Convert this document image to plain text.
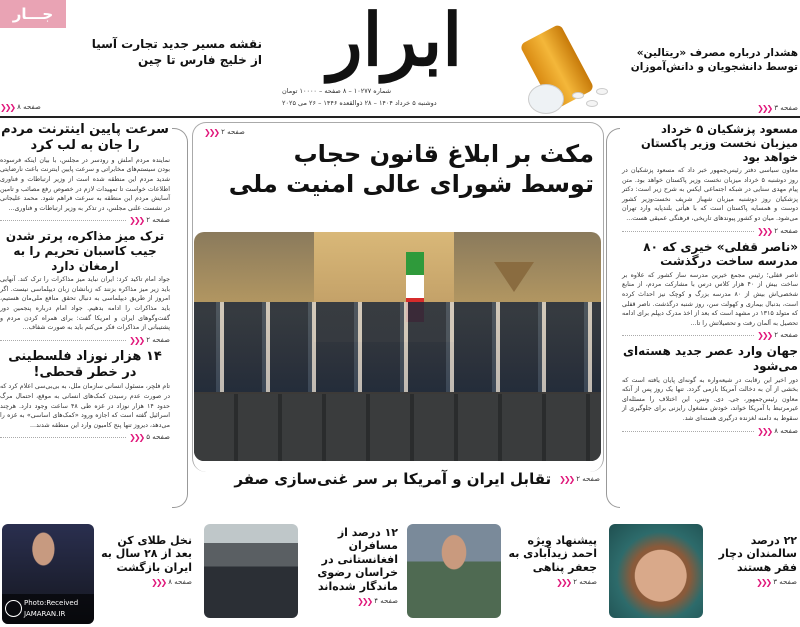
جـــار
نقشه مسیر جدید تجارت آسیا
از خلیج فارس تا چین
صفحه ۸
❮❮❮
ابرار
شماره ۱۰۲۷۷ – ۸ صفحه – ۱۰۰۰۰ تومان
دوشنبه ۵ خرداد ۱۴۰۴ – ۲۸ ذوالقعده ۱۴۴۶ – ۲۶ می ۲۰۲۵
هشدار درباره مصرف «ریتالین»
توسط دانشجویان و دانش‌آموزان
صفحه ۳
❮❮❮
سرعت پایین اینترنت مردم را جان به لب کرد
نماینده مردم املش و رودسر در مجلس، با بیان اینکه فرسوده بودن سیستم‌های مخابراتی و سرعت پایین اینترنت باعث نارضایتی شدید مردم این منطقه شده است از وزیر ارتباطات و فناوری اطلاعات خواست تا تمهیدات لازم در خصوص رفع مصائب و تامین آسایش مردم این منطقه به سرعت فراهم شود. محمد علیجانی در نشست علنی مجلس، در تذکر به وزیر ارتباطات و فناوری...
صفحه ۲
❮❮❮
ترک میز مذاکره، پرتر شدن جیب کاسبان تحریم را به ارمغان دارد
جواد امام تاکید کرد: ایران نباید میز مذاکرات را ترک کند. آنهایی باید زیر میز مذاکره بزنند که زبانشان زبان دیپلماسی نیست. اگر امروز از طریق دیپلماسی به دنبال تحقق منافع ملی‌مان هستیم، باید مذاکرات را ادامه بدهیم. جواد امام درباره پنجمین دور گفت‌وگوهای ایران و امریکا گفت: برای همراه کردن مردم و پشتیبانی از مذاکرات فکر می‌کنم باید به صورت شفاف...
صفحه ۲
❮❮❮
۱۴ هزار نوزاد فلسطینی در خطر قحطی!
تام فلچر، مسئول انسانی سازمان ملل، به بی‌بی‌سی اعلام کرد که در صورت عدم رسیدن کمک‌های انسانی به موقع، احتمال مرگ حدود ۱۴ هزار نوزاد در غزه طی ۴۸ ساعت وجود دارد. هرچند اسرائیل گفته است که اجازه ورود «کمک‌های اساسی» به غزه را می‌دهد، دیروز تنها پنج کامیون وارد این منطقه شدند...
صفحه ۵
❮❮❮
صفحه ۲
❮❮❮
مکث بر ابلاغ قانون حجاب
توسط شورای عالی امنیت ملی
تقابل ایران و آمریکا بر سر غنی‌سازی صفر	صفحه ۲
❮❮❮
مسعود پزشکیان ۵ خرداد میزبان نخست وزیر پاکستان خواهد بود
معاون سیاسی دفتر رئیس‌جمهور خبر داد که مسعود پزشکیان در روز دوشنبه ۵ خرداد میزبان نخست وزیر پاکستان خواهد بود. متن پیام مهدی سنایی در شبکه اجتماعی ایکس به شرح زیر است: دکتر پزشکیان روز دوشنبه میزبان شهباز شریف نخست‌وزیر کشور دوست و همسایه پاکستان است که با هیأتی بلندپایه وارد تهران می‌شود. میان دو کشور پیوندهای تاریخی، فرهنگی عمیقی هست...
صفحه ۲
❮❮❮
«ناصر قفلی» خیری که ۸۰ مدرسه ساخت درگذشت
ناصر قفلی؛ رئیس مجمع خیرین مدرسه ساز کشور که علاوه بر ساخت بیش از ۴۰ هزار کلاس درس با مشارکت مردم، از منابع شخصی‌اش بیش از ۸۰ مدرسه بزرگ و کوچک نیز احداث کرده است، بدنبال بیماری و کهولت سن، روز شنبه درگذشت. ناصر قفلی که متولد ۱۳۱۵ در مشهد است که بعد از اخذ مدرک دیپلم برای ادامه تحصیل به آلمان رفت و تحصیلاتش را تا...
صفحه ۲
❮❮❮
جهان وارد عصر جدید هسته‌ای می‌شود
دور اخیر این رقابت در شیعه‌واره به گونه‌ای پایان یافته است که بخشی از آن به دخالت آمریکا بازمی گردد. تنها یک روز پس از آنکه معاون رئیس‌جمهور، جی. دی. ونس، این اختلاف را مسئله‌ای غیرمرتبط با آمریکا خواند، خودش مشغول رایزنی برای جلوگیری از سقوط به دامنه لغزنده درگیری هسته‌ای شد.
صفحه ۸
❮❮❮
۲۲ درصد سالمندان دچار فقر هستند
صفحه ۳
❮❮❮
پیشنهاد ویژه احمد زیدآبادی به جعفر پناهی
صفحه ۲
❮❮❮
۱۲ درصد از مسافران افغانستانی در خراسان رضوی ماندگار شده‌اند
صفحه ۴
❮❮❮
Photo:Received
JAMARAN.IR
نخل طلای کن بعد از ۲۸ سال به ایران بازگشت
صفحه ۸
❮❮❮
